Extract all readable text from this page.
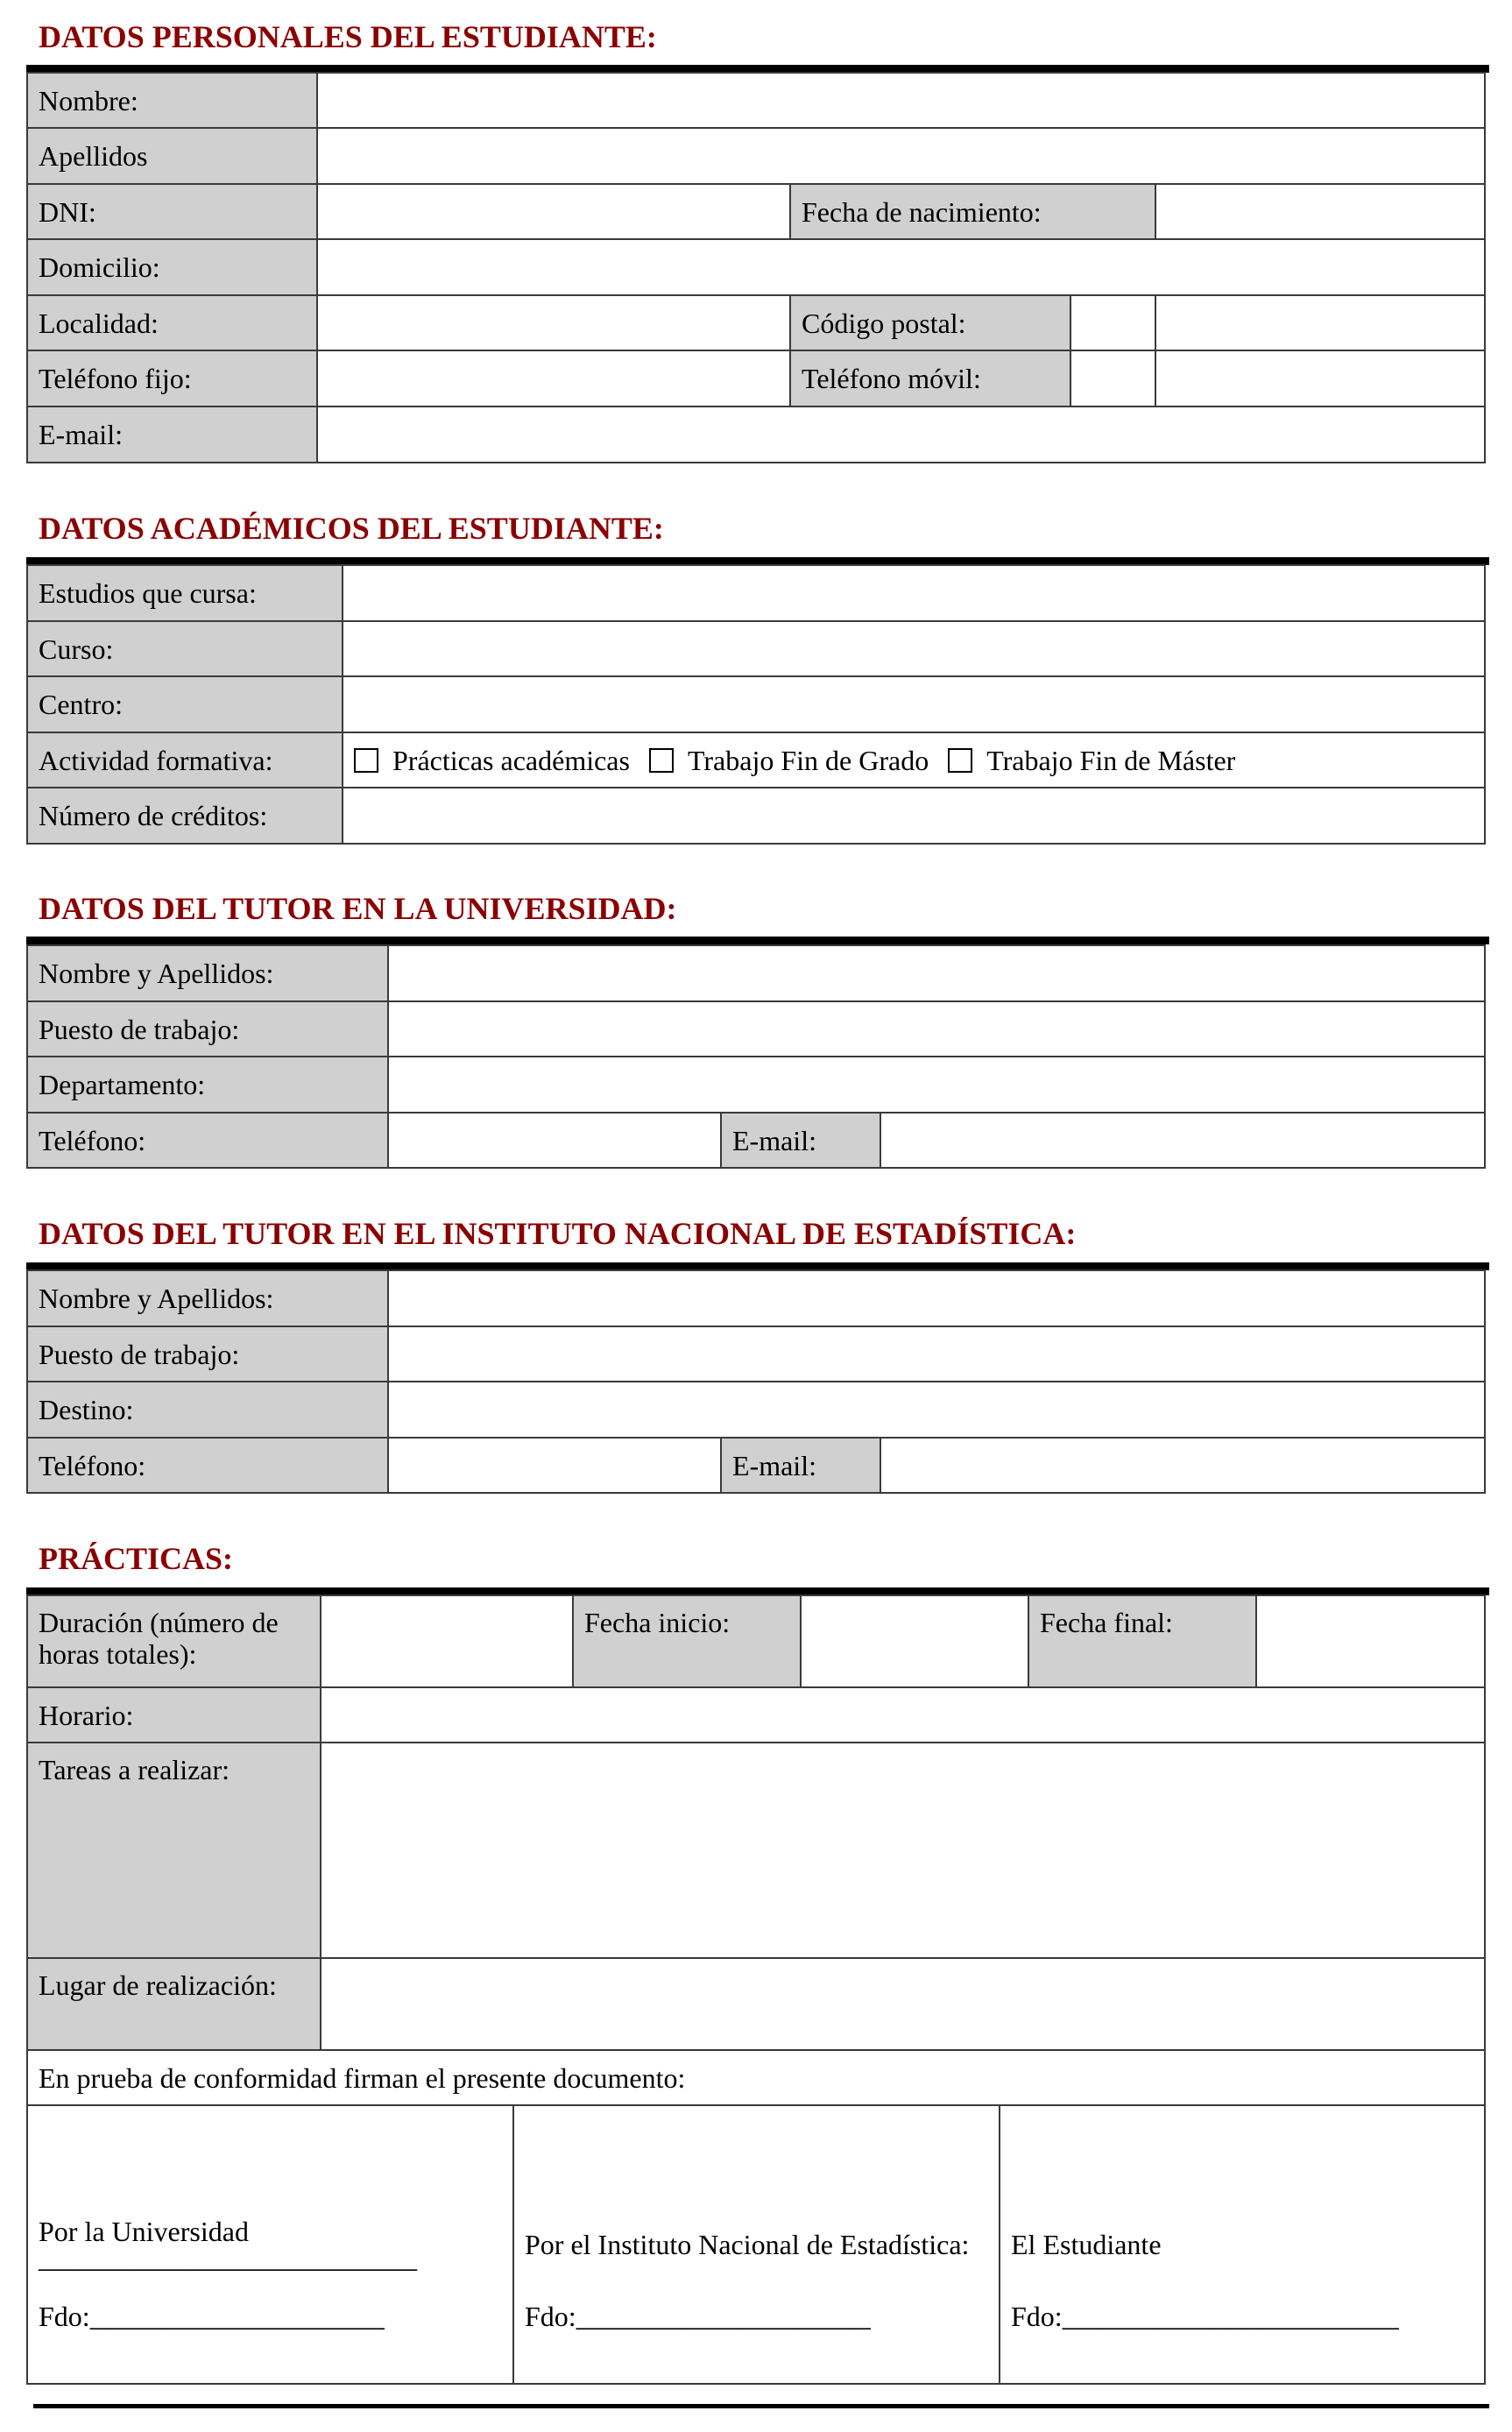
DATOS PERSONALES DEL ESTUDIANTE:
Nombre:			
Apellidos			
DNI:		Fecha de nacimiento:	
Domicilio:			
Localidad:		Código postal:	

Teléfono fijo:		Teléfono móvil:	

E-mail:			
DATOS ACADÉMICOS DEL ESTUDIANTE:
Estudios que cursa:	
Curso:	
Centro:	
Actividad formativa:	Prácticas académicas Trabajo Fin de Grado Trabajo Fin de Máster

Número de créditos:	
DATOS DEL TUTOR EN LA UNIVERSIDAD:
Nombre y Apellidos:			
Puesto de trabajo:			
Departamento:			
Teléfono:		E-mail:	
DATOS DEL TUTOR EN EL INSTITUTO NACIONAL DE ESTADÍSTICA:
Nombre y Apellidos:			
Puesto de trabajo:			
Destino:			
Teléfono:		E-mail:	
PRÁCTICAS:
Duración (número de horas totales):		Fecha inicio:		Fecha final:	
Horario:					
Tareas a realizar:					
Lugar de realización:					
En prueba de conformidad firman el presente documento:

Por la Universidad
___________________________
Fdo:_____________________

Por el Instituto Nacional de Estadística:
Fdo:_____________________

El Estudiante
Fdo:________________________
